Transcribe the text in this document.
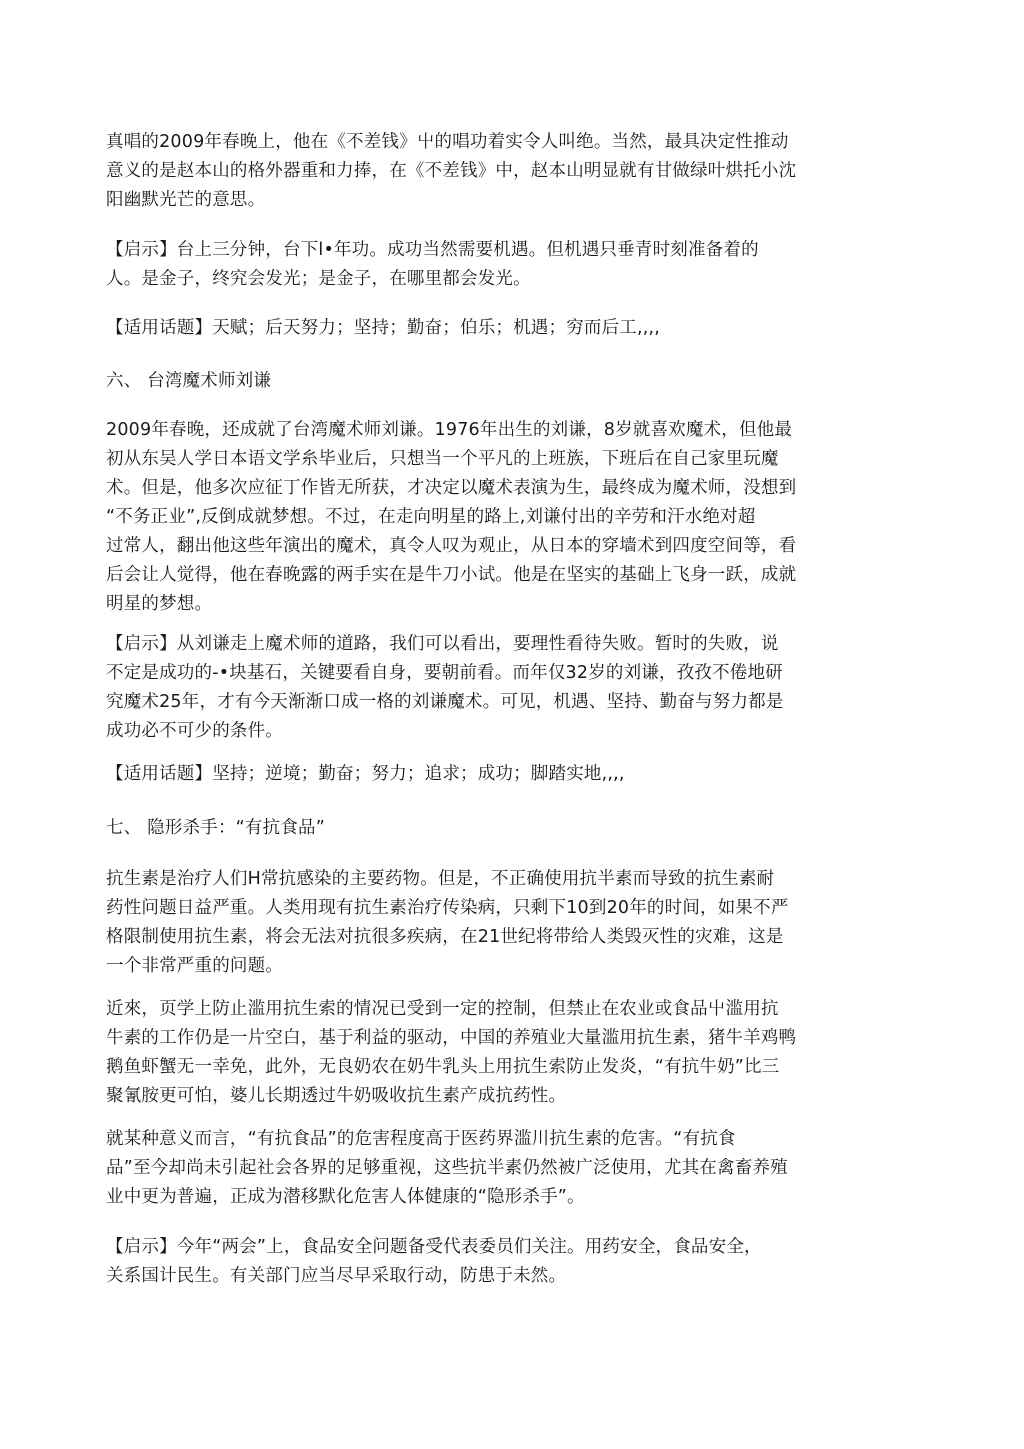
真唱的2009年春晚上，他在《不差钱》屮的唱功着实令人叫绝。当然，最具决定性推动
意义的是赵本山的格外器重和力捧，在《不差钱》中，赵本山明显就有甘做绿叶烘托小沈
阳幽默光芒的意思。
【启示】台上三分钟，台下l•年功。成功当然需要机遇。但机遇只垂青时刻准备着的
人。是金子，终究会发光；是金子，在哪里都会发光。
【适用话题】天赋；后天努力；坚持；勤奋；伯乐；机遇；穷而后工,,,,
六、 台湾魔术师刘谦
2009年春晚，还成就了台湾魔术师刘谦。1976年出生的刘谦，8岁就喜欢魔术，但他最
初从东吴人学日本语文学糸毕业后，只想当一个平凡的上班族，下班后在自己家里玩魔
术。但是，他多次应征丁作皆无所获，才决定以魔术表演为生，最终成为魔术师，没想到
“不务正业”,反倒成就梦想。不过，在走向明星的路上,刘谦付出的辛劳和汗水绝对超
过常人，翻出他这些年演出的魔术，真令人叹为观止，从日本的穿墙术到四度空间等，看
后会让人觉得，他在春晚露的两手实在是牛刀小试。他是在坚实的基础上飞身一跃，成就
明星的梦想。
【启示】从刘谦走上魔术师的道路，我们可以看出，要理性看待失败。暂时的失败，说
不定是成功的-•块基石，关键要看自身，要朝前看。而年仅32岁的刘谦，孜孜不倦地研
究魔术25年，才有今天渐渐口成一格的刘谦魔术。可见，机遇、坚持、勤奋与努力都是
成功必不可少的条件。
【适用话题】坚持；逆境；勤奋；努力；追求；成功；脚踏实地,,,,
七、 隐形杀手：“有抗食品”
抗生素是治疗人们H常抗感染的主要药物。但是，不正确使用抗半素而导致的抗生素耐
药性问题日益严重。人类用现有抗生素治疗传染病，只剩下10到20年的时间，如果不严
格限制使用抗生素，将会无法对抗很多疾病，在21世纪将带给人类毁灭性的灾难，这是
一个非常严重的问题。
近來，页学上防止滥用抗生索的情况已受到一定的控制，但禁止在农业或食品屮滥用抗
牛素的工作仍是一片空白，基于利益的驱动，中国的养殖业大量滥用抗生素，猪牛羊鸡鸭
鹅鱼虾蟹无一幸免，此外，无良奶农在奶牛乳头上用抗生索防止发炎，“有抗牛奶”比三
聚氰胺更可怕，婆儿长期透过牛奶吸收抗生素产成抗药性。
就某种意义而言，“有抗食品”的危害程度高于医药界滥川抗生素的危害。“有抗食
品”至今却尚未引起社会各界的足够重视，这些抗半素仍然被广泛使用，尤其在禽畜养殖
业中更为普遍，正成为潜移默化危害人体健康的“隐形杀手”。
【启示】今年“两会”上，食品安全问题备受代表委员们关注。用药安全，食品安全，
关系国计民生。有关部门应当尽早采取行动，防患于未然。
